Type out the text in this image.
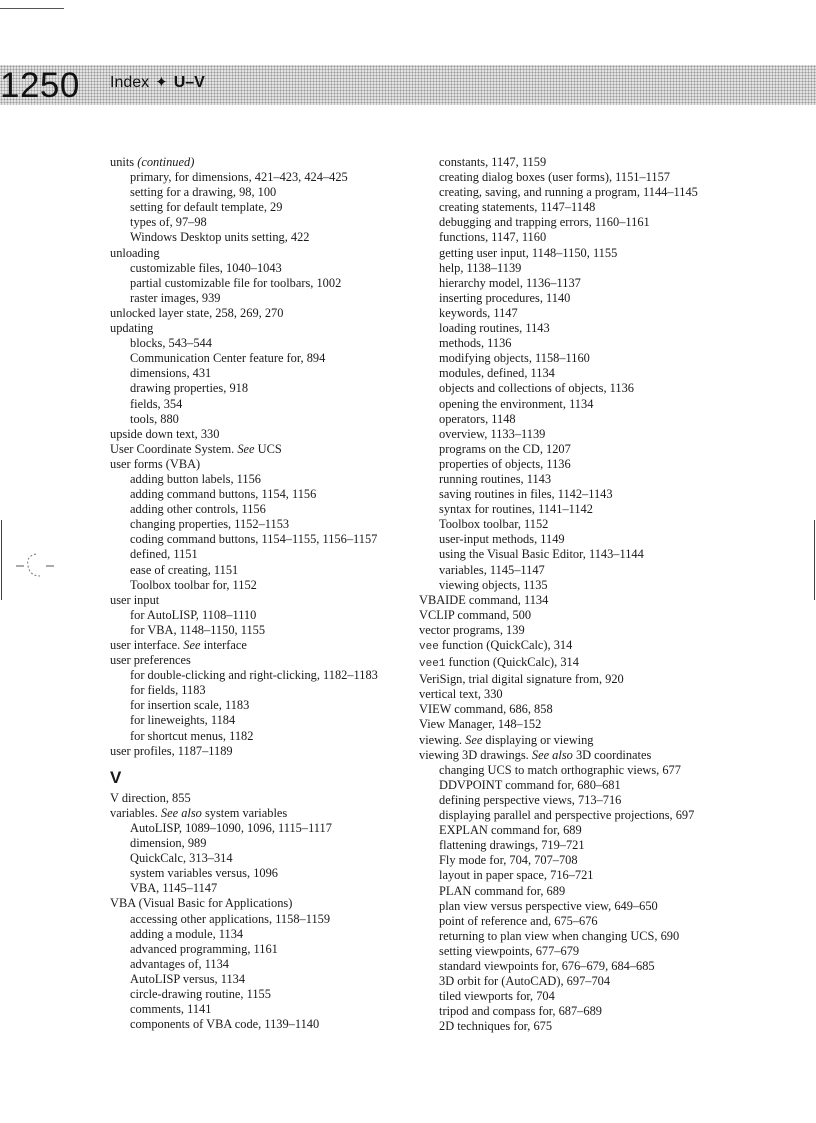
1250 Index ✦ U–V
units (continued)
primary, for dimensions, 421–423, 424–425
setting for a drawing, 98, 100
setting for default template, 29
types of, 97–98
Windows Desktop units setting, 422
unloading
customizable files, 1040–1043
partial customizable file for toolbars, 1002
raster images, 939
unlocked layer state, 258, 269, 270
updating
blocks, 543–544
Communication Center feature for, 894
dimensions, 431
drawing properties, 918
fields, 354
tools, 880
upside down text, 330
User Coordinate System. See UCS
user forms (VBA)
adding button labels, 1156
adding command buttons, 1154, 1156
adding other controls, 1156
changing properties, 1152–1153
coding command buttons, 1154–1155, 1156–1157
defined, 1151
ease of creating, 1151
Toolbox toolbar for, 1152
user input
for AutoLISP, 1108–1110
for VBA, 1148–1150, 1155
user interface. See interface
user preferences
for double-clicking and right-clicking, 1182–1183
for fields, 1183
for insertion scale, 1183
for lineweights, 1184
for shortcut menus, 1182
user profiles, 1187–1189
V
V direction, 855
variables. See also system variables
AutoLISP, 1089–1090, 1096, 1115–1117
dimension, 989
QuickCalc, 313–314
system variables versus, 1096
VBA, 1145–1147
VBA (Visual Basic for Applications)
accessing other applications, 1158–1159
adding a module, 1134
advanced programming, 1161
advantages of, 1134
AutoLISP versus, 1134
circle-drawing routine, 1155
comments, 1141
components of VBA code, 1139–1140
constants, 1147, 1159
creating dialog boxes (user forms), 1151–1157
creating, saving, and running a program, 1144–1145
creating statements, 1147–1148
debugging and trapping errors, 1160–1161
functions, 1147, 1160
getting user input, 1148–1150, 1155
help, 1138–1139
hierarchy model, 1136–1137
inserting procedures, 1140
keywords, 1147
loading routines, 1143
methods, 1136
modifying objects, 1158–1160
modules, defined, 1134
objects and collections of objects, 1136
opening the environment, 1134
operators, 1148
overview, 1133–1139
programs on the CD, 1207
properties of objects, 1136
running routines, 1143
saving routines in files, 1142–1143
syntax for routines, 1141–1142
Toolbox toolbar, 1152
user-input methods, 1149
using the Visual Basic Editor, 1143–1144
variables, 1145–1147
viewing objects, 1135
VBAIDE command, 1134
VCLIP command, 500
vector programs, 139
vee function (QuickCalc), 314
vee1 function (QuickCalc), 314
VeriSign, trial digital signature from, 920
vertical text, 330
VIEW command, 686, 858
View Manager, 148–152
viewing. See displaying or viewing
viewing 3D drawings. See also 3D coordinates
changing UCS to match orthographic views, 677
DDVPOINT command for, 680–681
defining perspective views, 713–716
displaying parallel and perspective projections, 697
EXPLAN command for, 689
flattening drawings, 719–721
Fly mode for, 704, 707–708
layout in paper space, 716–721
PLAN command for, 689
plan view versus perspective view, 649–650
point of reference and, 675–676
returning to plan view when changing UCS, 690
setting viewpoints, 677–679
standard viewpoints for, 676–679, 684–685
3D orbit for (AutoCAD), 697–704
tiled viewports for, 704
tripod and compass for, 687–689
2D techniques for, 675
